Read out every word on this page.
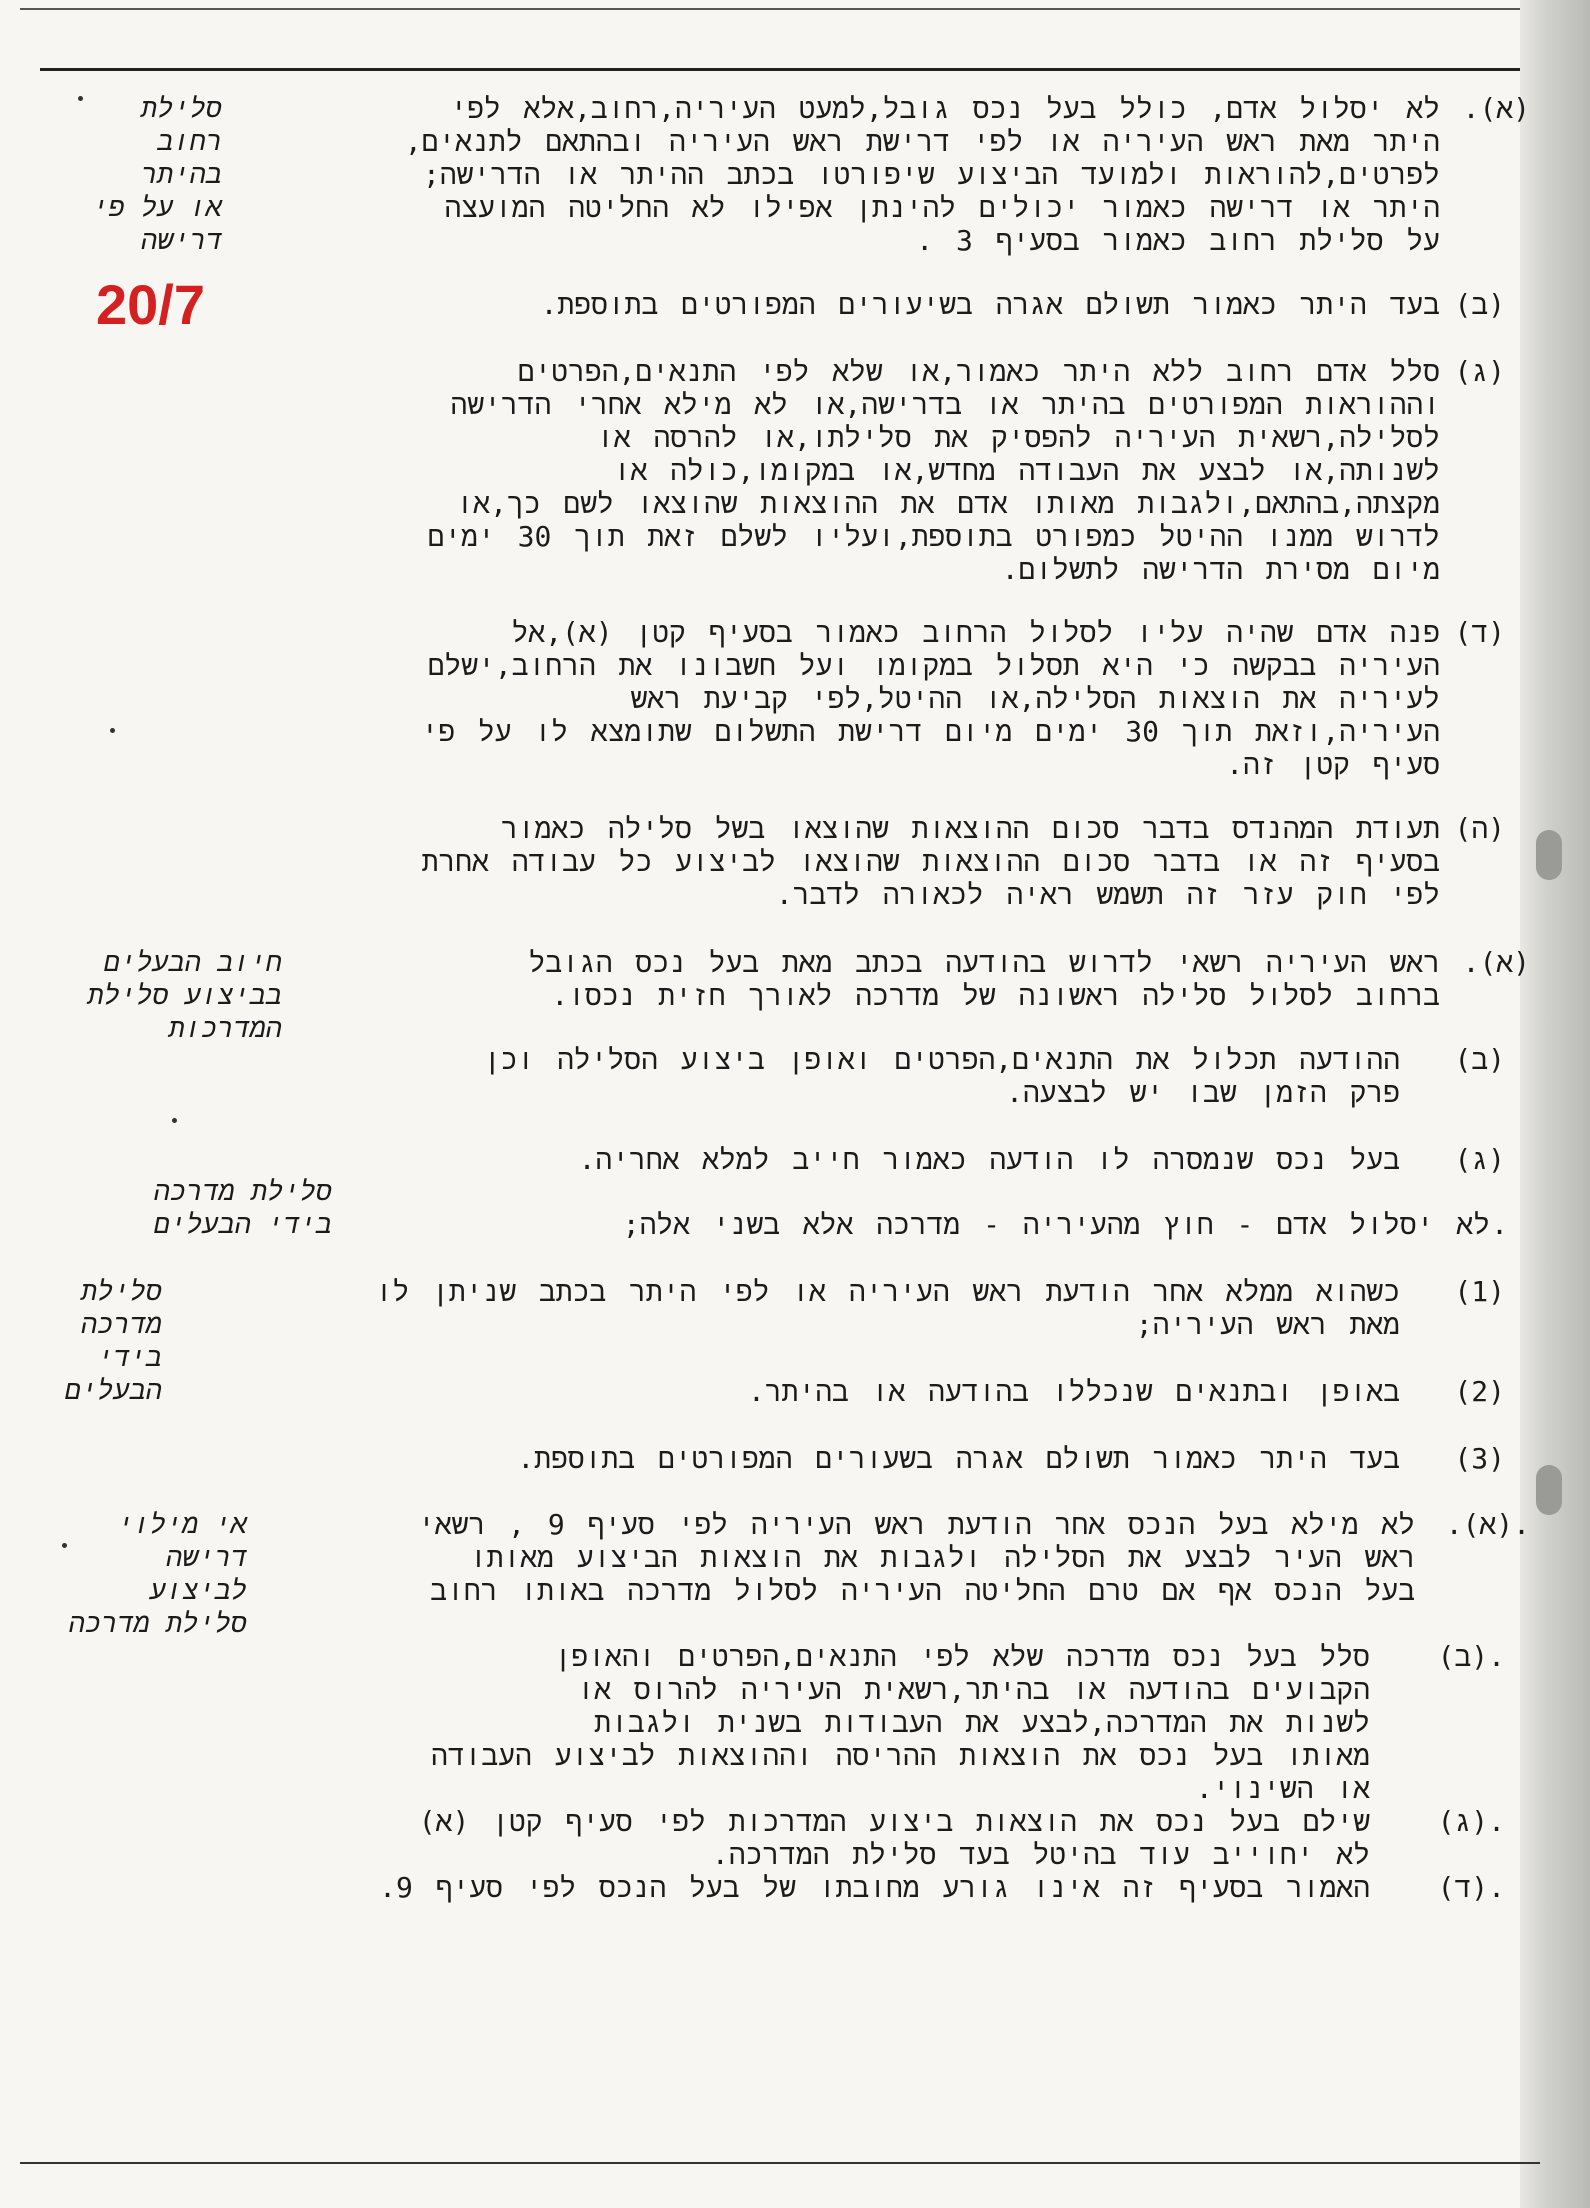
20/7
סלילת
רחוב
בהיתר
או על פי
דרישה
חיוב הבעלים
בביצוע סלילת
המדרכות
סלילת מדרכה
בידי הבעלים
סלילת
מדרכה
בידי
הבעלים
אי מילוי
דרישה
לביצוע
סלילת מדרכה
(א).
לא יסלול אדם, כולל בעל נכס גובל,למעט העיריה,רחוב,אלא לפי
היתר מאת ראש העיריה או לפי דרישת ראש העיריה ובהתאם לתנאים,
לפרטים,להוראות ולמועד הביצוע שיפורטו בכתב ההיתר או הדרישה;
היתר או דרישה כאמור יכולים להינתן אפילו לא החליטה המועצה
על סלילת רחוב כאמור בסעיף 3 .
(ב)
בעד היתר כאמור תשולם אגרה בשיעורים המפורטים בתוספת.
(ג)
סלל אדם רחוב ללא היתר כאמור,או שלא לפי התנאים,הפרטים
וההוראות המפורטים בהיתר או בדרישה,או לא מילא אחרי הדרישה
לסלילה,רשאית העיריה להפסיק את סלילתו,או להרסה או
לשנותה,או לבצע את העבודה מחדש,או במקומו,כולה או
מקצתה,בהתאם,ולגבות מאותו אדם את ההוצאות שהוצאו לשם כך,או
לדרוש ממנו ההיטל כמפורט בתוספת,ועליו לשלם זאת תוך 30 ימים
מיום מסירת הדרישה לתשלום.
(ד)
פנה אדם שהיה עליו לסלול הרחוב כאמור בסעיף קטן (א),אל
העיריה בבקשה כי היא תסלול במקומו ועל חשבונו את הרחוב,ישלם
לעיריה את הוצאות הסלילה,או ההיטל,לפי קביעת ראש
העיריה,וזאת תוך 30 ימים מיום דרישת התשלום שתומצא לו על פי
סעיף קטן זה.
(ה)
תעודת המהנדס בדבר סכום ההוצאות שהוצאו בשל סלילה כאמור
בסעיף זה או בדבר סכום ההוצאות שהוצאו לביצוע כל עבודה אחרת
לפי חוק עזר זה תשמש ראיה לכאורה לדבר.
(א).
ראש העיריה רשאי לדרוש בהודעה בכתב מאת בעל נכס הגובל
ברחוב לסלול סלילה ראשונה של מדרכה לאורך חזית נכסו.
(ב)
ההודעה תכלול את התנאים,הפרטים ואופן ביצוע הסלילה וכן
פרק הזמן שבו יש לבצעה.
(ג)
בעל נכס שנמסרה לו הודעה כאמור חייב למלא אחריה.
.
לא יסלול אדם - חוץ מהעיריה - מדרכה אלא בשני אלה;
(1)
כשהוא ממלא אחר הודעת ראש העיריה או לפי היתר בכתב שניתן לו
מאת ראש העיריה;
(2)
באופן ובתנאים שנכללו בהודעה או בהיתר.
(3)
בעד היתר כאמור תשולם אגרה בשעורים המפורטים בתוספת.
.(א).
לא מילא בעל הנכס אחר הודעת ראש העיריה לפי סעיף 9 , רשאי
ראש העיר לבצע את הסלילה ולגבות את הוצאות הביצוע מאותו
בעל הנכס אף אם טרם החליטה העיריה לסלול מדרכה באותו רחוב
.(ב)
סלל בעל נכס מדרכה שלא לפי התנאים,הפרטים והאופן
הקבועים בהודעה או בהיתר,רשאית העיריה להרוס או
לשנות את המדרכה,לבצע את העבודות בשנית ולגבות
מאותו בעל נכס את הוצאות ההריסה וההוצאות לביצוע העבודה
או השינוי.
.(ג)
שילם בעל נכס את הוצאות ביצוע המדרכות לפי סעיף קטן (א)
לא יחוייב עוד בהיטל בעד סלילת המדרכה.
.(ד)
האמור בסעיף זה אינו גורע מחובתו של בעל הנכס לפי סעיף 9.
